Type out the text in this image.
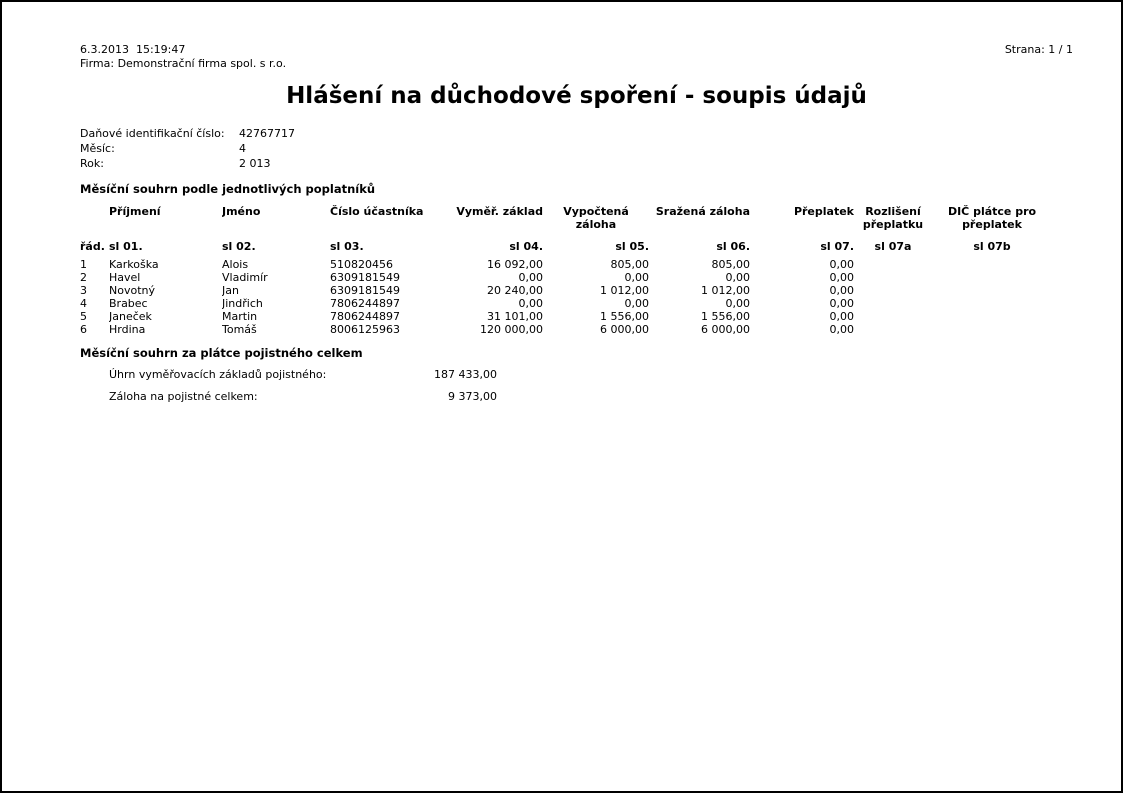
6.3.2013  15:19:47
Firma: Demonstrační firma spol. s r.o.
Strana: 1 / 1
Hlášení na důchodové spoření - soupis údajů
Daňové identifikační číslo:	42767717
Měsíc:	4
Rok:	2 013
Měsíční souhrn podle jednotlivých poplatníků
	Příjmení	Jméno	Číslo účastníka	Vyměř. základ	Vypočtená záloha	Sražená záloha	Přeplatek	Rozlišení přeplatku	DIČ plátce pro přeplatek
řád.	sl 01.	sl 02.	sl 03.	sl 04.	sl 05.	sl 06.	sl 07.	sl 07a	sl 07b
1	Karkoška	Alois	510820456	16 092,00	805,00	805,00	0,00		
2	Havel	Vladimír	6309181549	0,00	0,00	0,00	0,00		
3	Novotný	Jan	6309181549	20 240,00	1 012,00	1 012,00	0,00		
4	Brabec	Jindřich	7806244897	0,00	0,00	0,00	0,00		
5	Janeček	Martin	7806244897	31 101,00	1 556,00	1 556,00	0,00		
6	Hrdina	Tomáš	8006125963	120 000,00	6 000,00	6 000,00	0,00		
Měsíční souhrn za plátce pojistného celkem
Úhrn vyměřovacích základů pojistného:	187 433,00
Záloha na pojistné celkem:	9 373,00
